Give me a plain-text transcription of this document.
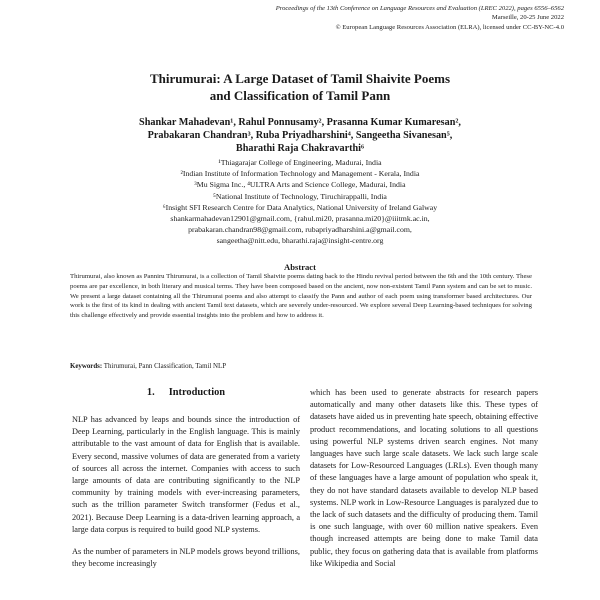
Proceedings of the 13th Conference on Language Resources and Evaluation (LREC 2022), pages 6556–6562
Marseille, 20-25 June 2022
© European Language Resources Association (ELRA), licensed under CC-BY-NC-4.0
Thirumurai: A Large Dataset of Tamil Shaivite Poems
and Classification of Tamil Pann
Shankar Mahadevan¹, Rahul Ponnusamy², Prasanna Kumar Kumaresan²,
Prabakaran Chandran³, Ruba Priyadharshini⁴, Sangeetha Sivanesan⁵,
Bharathi Raja Chakravarthi⁶
¹Thiagarajar College of Engineering, Madurai, India
²Indian Institute of Information Technology and Management - Kerala, India
³Mu Sigma Inc., ⁴ULTRA Arts and Science College, Madurai, India
⁵National Institute of Technology, Tiruchirappalli, India
⁶Insight SFI Research Centre for Data Analytics, National University of Ireland Galway
shankarmahadevan12901@gmail.com, {rahul.mi20, prasanna.mi20}@iiitmk.ac.in,
prabakaran.chandran98@gmail.com, rubapriyadharshini.a@gmail.com,
sangeetha@nitt.edu, bharathi.raja@insight-centre.org
Abstract
Thirumurai, also known as Panniru Thirumurai, is a collection of Tamil Shaivite poems dating back to the Hindu revival period between the 6th and the 10th century. These poems are par excellence, in both literary and musical terms. They have been composed based on the ancient, now non-existent Tamil Pann system and can be set to music. We present a large dataset containing all the Thirumurai poems and also attempt to classify the Pann and author of each poem using transformer based architectures. Our work is the first of its kind in dealing with ancient Tamil text datasets, which are severely under-resourced. We explore several Deep Learning-based techniques for solving this challenge effectively and provide essential insights into the problem and how to address it.
Keywords: Thirumurai, Pann Classification, Tamil NLP
1. Introduction

NLP has advanced by leaps and bounds since the introduction of Deep Learning, particularly in the English language. This is mainly attributable to the vast amount of data for English that is available. Every second, massive volumes of data are generated from a variety of sources all across the internet. Companies with access to such large amounts of data are contributing significantly to the NLP community by training models with ever-increasing parameters, such as the trillion parameter Switch transformer (Fedus et al., 2021). Because Deep Learning is a data-driven learning approach, a large data corpus is required to build good NLP systems.

As the number of parameters in NLP models grows beyond trillions, they become increasingly

which has been used to generate abstracts for research papers automatically and many other datasets like this. These types of datasets have aided us in preventing hate speech, obtaining effective product recommendations, and locating solutions to all questions using powerful NLP systems driven search engines. Not many languages have such large scale datasets. We lack such large scale datasets for Low-Resourced Languages (LRLs). Even though many of these languages have a large amount of population who speak it, they do not have standard datasets available to develop NLP based systems. NLP work in Low-Resource Languages is paralyzed due to the lack of such datasets and the difficulty of producing them. Tamil is one such language, with over 60 million native speakers. Even though increased attempts are being done to make Tamil data public, they focus on gathering data that is available from platforms like Wikipedia and Social
